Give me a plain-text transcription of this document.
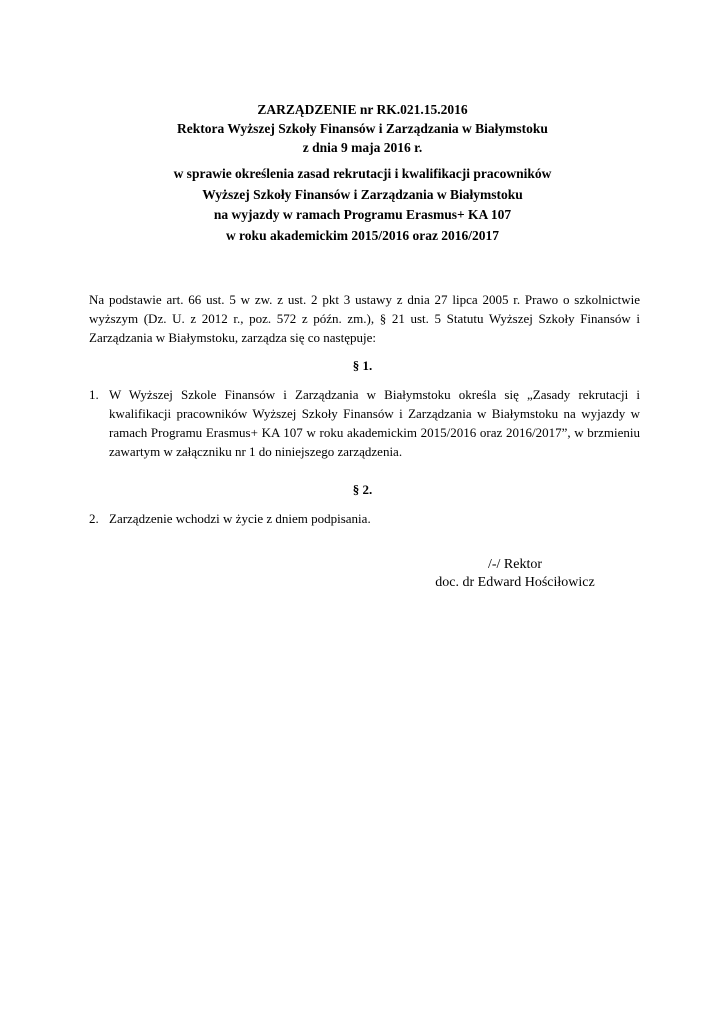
ZARZĄDZENIE nr RK.021.15.2016

Rektora Wyższej Szkoły Finansów i Zarządzania w Białymstoku

z dnia 9 maja 2016 r.

w sprawie określenia zasad rekrutacji i kwalifikacji pracowników

Wyższej Szkoły Finansów i Zarządzania w Białymstoku

na wyjazdy w ramach Programu Erasmus+ KA 107

w roku akademickim 2015/2016 oraz 2016/2017

Na podstawie art. 66 ust. 5 w zw. z ust. 2 pkt 3 ustawy z dnia 27 lipca 2005 r. Prawo o szkolnictwie wyższym (Dz. U. z 2012 r., poz. 572 z późn. zm.), § 21 ust. 5 Statutu Wyższej Szkoły Finansów i Zarządzania w Białymstoku, zarządza się co następuje:

§ 1.

1. W Wyższej Szkole Finansów i Zarządzania w Białymstoku określa się „Zasady rekrutacji i kwalifikacji pracowników Wyższej Szkoły Finansów i Zarządzania w Białymstoku na wyjazdy w ramach Programu Erasmus+ KA 107 w roku akademickim 2015/2016 oraz 2016/2017”, w brzmieniu zawartym w załączniku nr 1 do niniejszego zarządzenia.

§ 2.

2. Zarządzenie wchodzi w życie z dniem podpisania.
/-/ Rektor
doc. dr Edward Hościłowicz
